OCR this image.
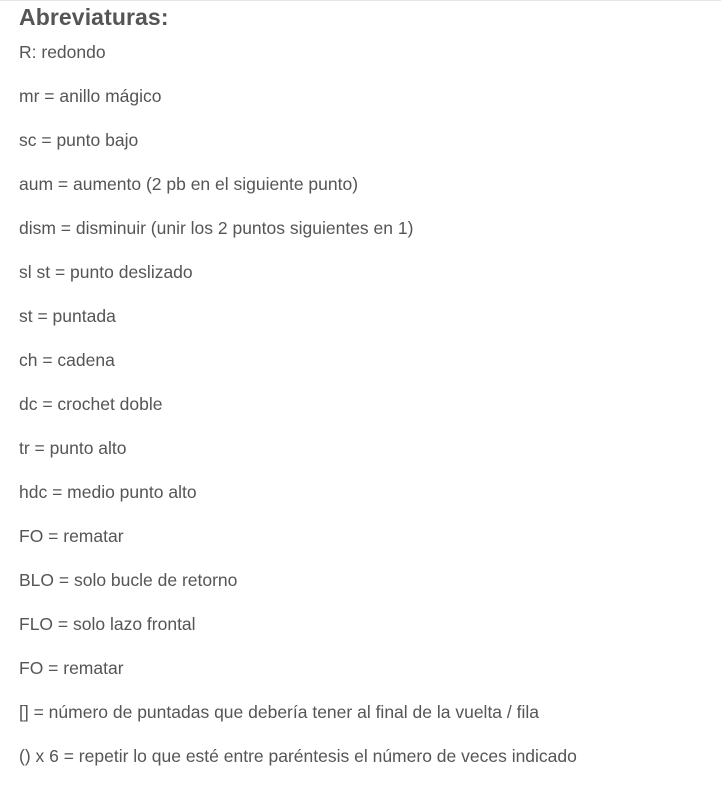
Abreviaturas:
R: redondo
mr = anillo mágico
sc = punto bajo
aum = aumento (2 pb en el siguiente punto)
dism = disminuir (unir los 2 puntos siguientes en 1)
sl st = punto deslizado
st = puntada
ch = cadena
dc = crochet doble
tr = punto alto
hdc = medio punto alto
FO = rematar
BLO = solo bucle de retorno
FLO = solo lazo frontal
FO = rematar
[] = número de puntadas que debería tener al final de la vuelta / fila
() x 6 = repetir lo que esté entre paréntesis el número de veces indicado
